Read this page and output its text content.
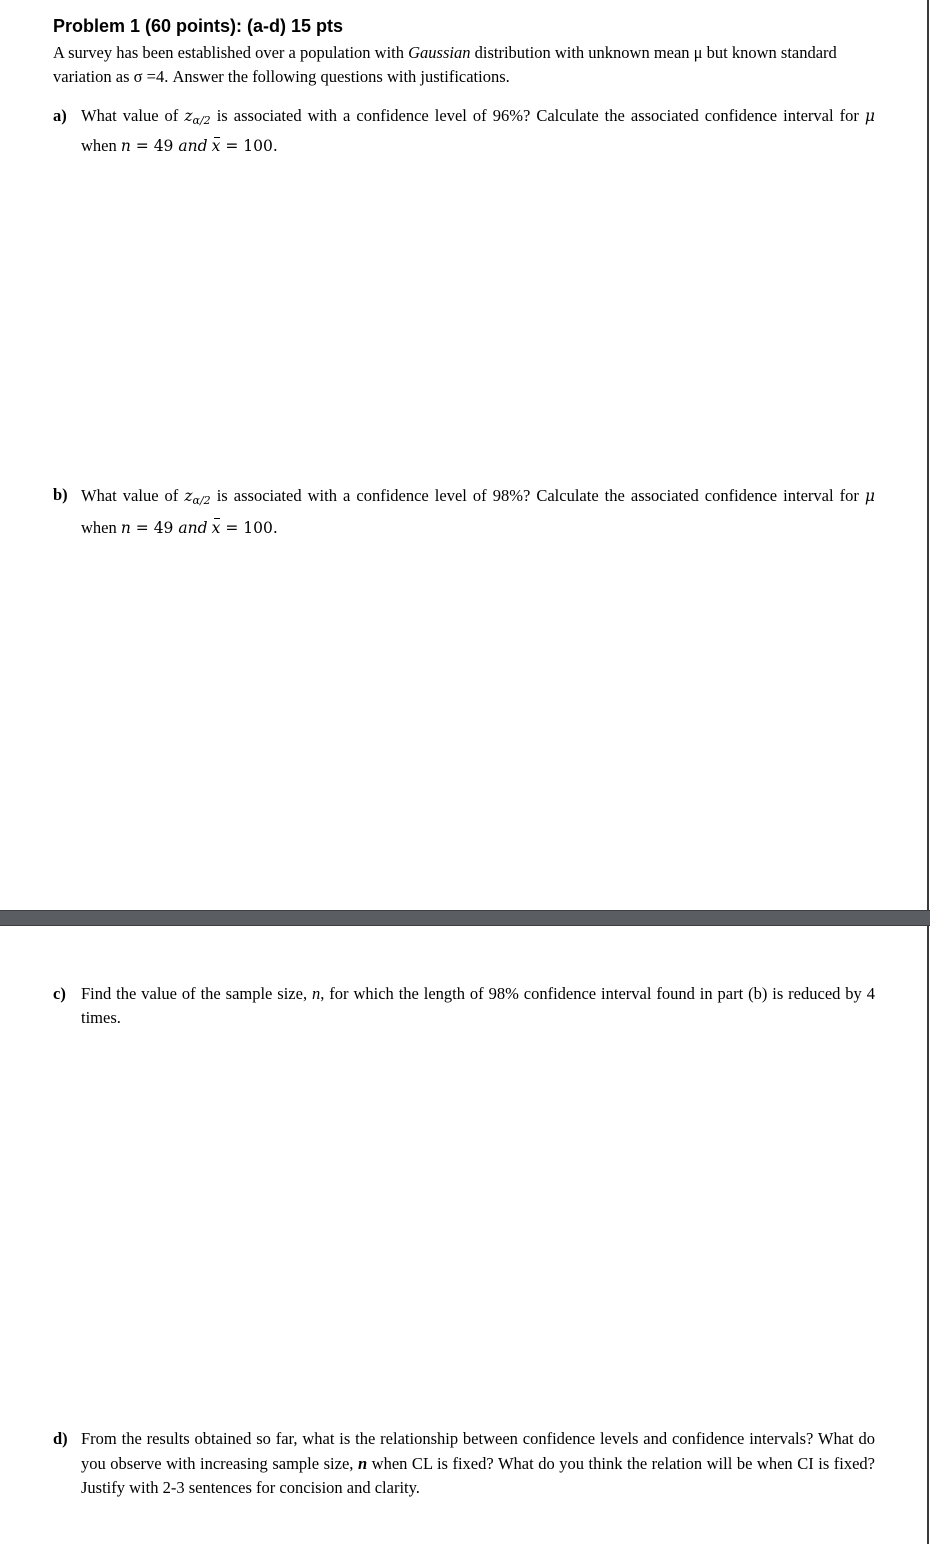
Problem 1 (60 points): (a-d) 15 pts
A survey has been established over a population with Gaussian distribution with unknown mean μ but known standard variation as σ =4. Answer the following questions with justifications.
a) What value of $z_{\alpha/2}$ is associated with a confidence level of 96%? Calculate the associated confidence interval for μ when n = 49 and x = 100.
b) What value of $z_{\alpha/2}$ is associated with a confidence level of 98%? Calculate the associated confidence interval for μ when n = 49 and x = 100.
c) Find the value of the sample size, n, for which the length of 98% confidence interval found in part (b) is reduced by 4 times.
d) From the results obtained so far, what is the relationship between confidence levels and confidence intervals? What do you observe with increasing sample size, n when CL is fixed? What do you think the relation will be when CI is fixed? Justify with 2-3 sentences for concision and clarity.
